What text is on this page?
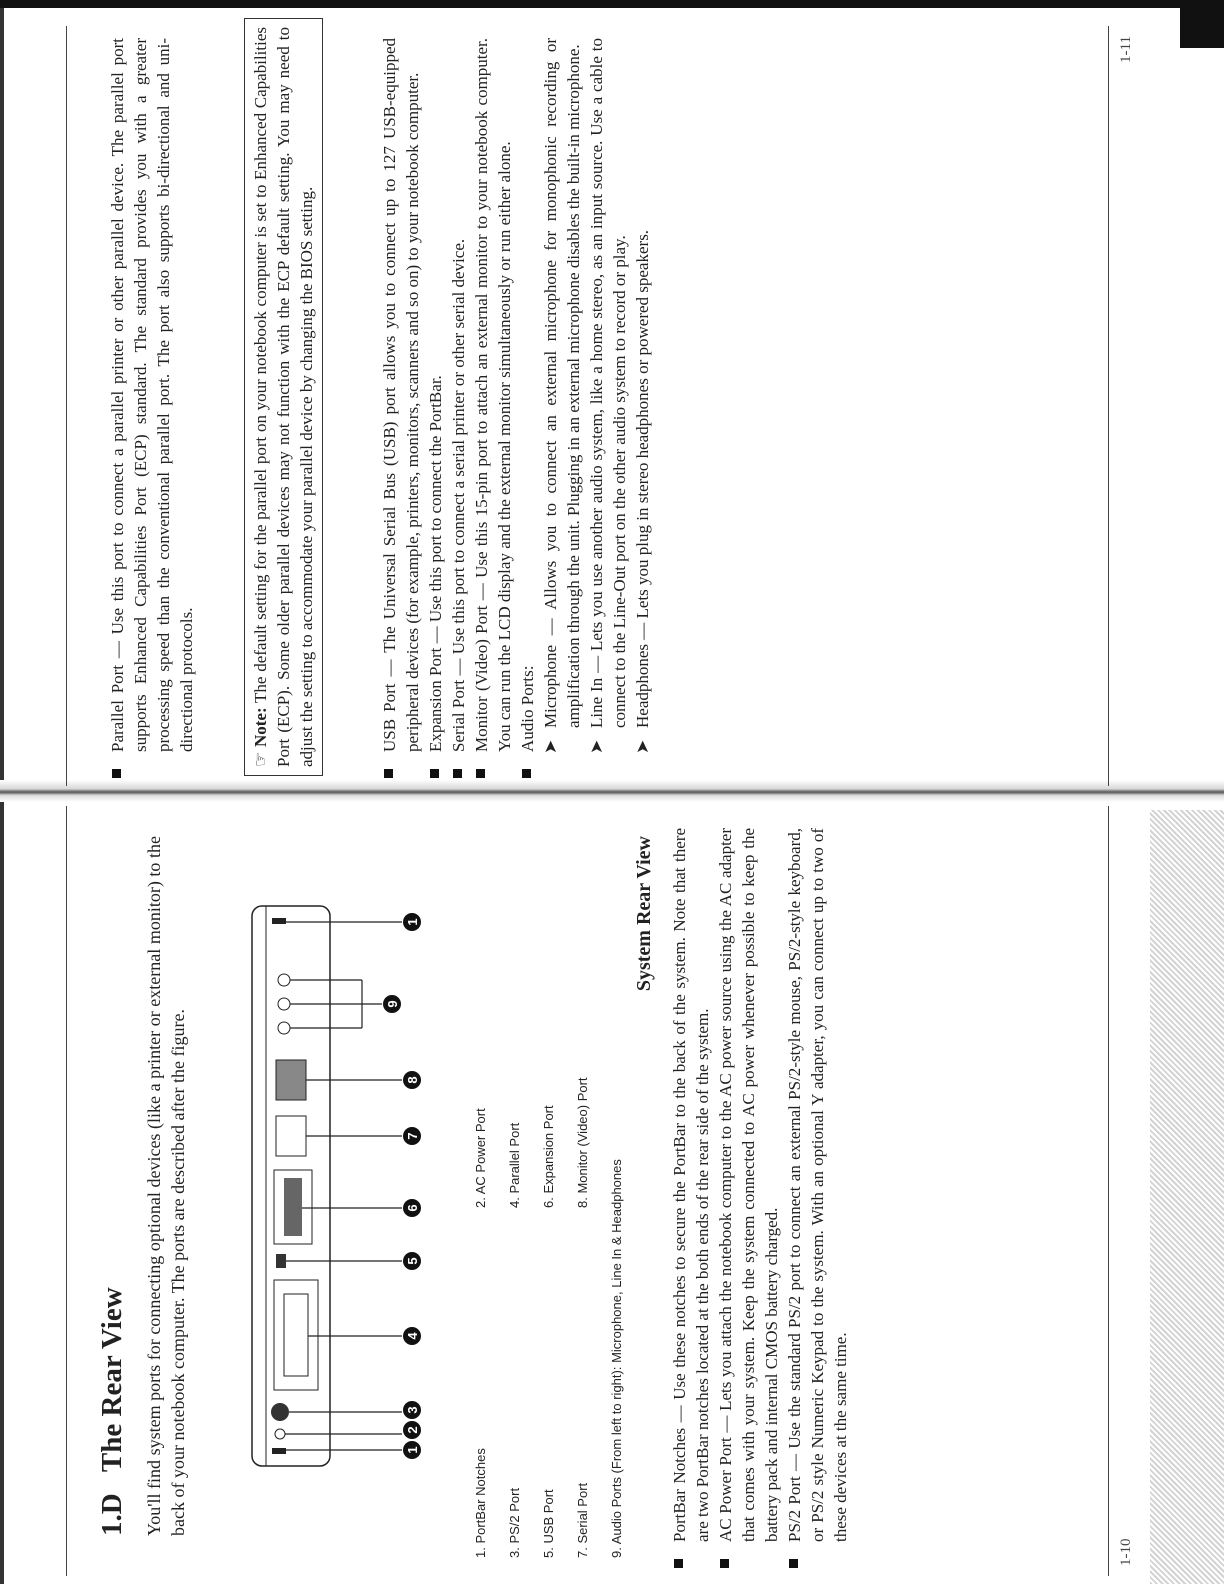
1.D   The Rear View You'll find system ports for connecting optional devices (like a printer or external monitor) to the back of your notebook computer. The ports are described after the figure.	1
2
3
4
5
6
7
8
9
1
1. PortBar Notches
2. AC Power Port
3. PS/2 Port
4. Parallel Port
5. USB Port
6. Expansion Port
7. Serial Port
8. Monitor (Video) Port
9. Audio Ports (From left to right): Microphone, Line In & Headphones
System Rear View PortBar Notches — Use these notches to secure the PortBar to the back of the system. Note that there are two PortBar notches located at the both ends of the rear side of the system. AC Power Port — Lets you attach the notebook computer to the AC power source using the AC adapter that comes with your system. Keep the system connected to AC power whenever possible to keep the battery pack and internal CMOS battery charged. PS/2 Port — Use the standard PS/2 port to connect an external PS/2-style mouse, PS/2-style keyboard, or PS/2 style Numeric Keypad to the system. With an optional Y adapter, you can connect up to two of these devices at the same time.
1-10
Parallel Port — Use this port to connect a parallel printer or other parallel device. The parallel port supports Enhanced Capabilities Port (ECP) standard. The standard provides you with a greater processing speed than the conventional parallel port. The port also supports bi-directional and uni-directional protocols.
☞ Note: The default setting for the parallel port on your notebook computer is set to Enhanced Capabilities Port (ECP). Some older parallel devices may not function with the ECP default setting. You may need to adjust the setting to accommodate your parallel device by changing the BIOS setting.	USB Port — The Universal Serial Bus (USB) port allows you to connect up to 127 USB-equipped peripheral devices (for example, printers, monitors, scanners and so on) to your notebook computer. Expansion Port — Use this port to connect the PortBar. Serial Port — Use this port to connect a serial printer or other serial device. Monitor (Video) Port — Use this 15-pin port to attach an external monitor to your notebook computer. You can run the LCD display and the external monitor simultaneously or run either alone. Audio Ports: ➤
Microphone — Allows you to connect an external microphone for monophonic recording or amplification through the unit. Plugging in an external microphone disables the built-in microphone.
➤
Line In — Lets you use another audio system, like a home stereo, as an input source. Use a cable to connect to the Line-Out port on the other audio system to record or play.
➤
Headphones — Lets you plug in stereo headphones or powered speakers.
1-11
